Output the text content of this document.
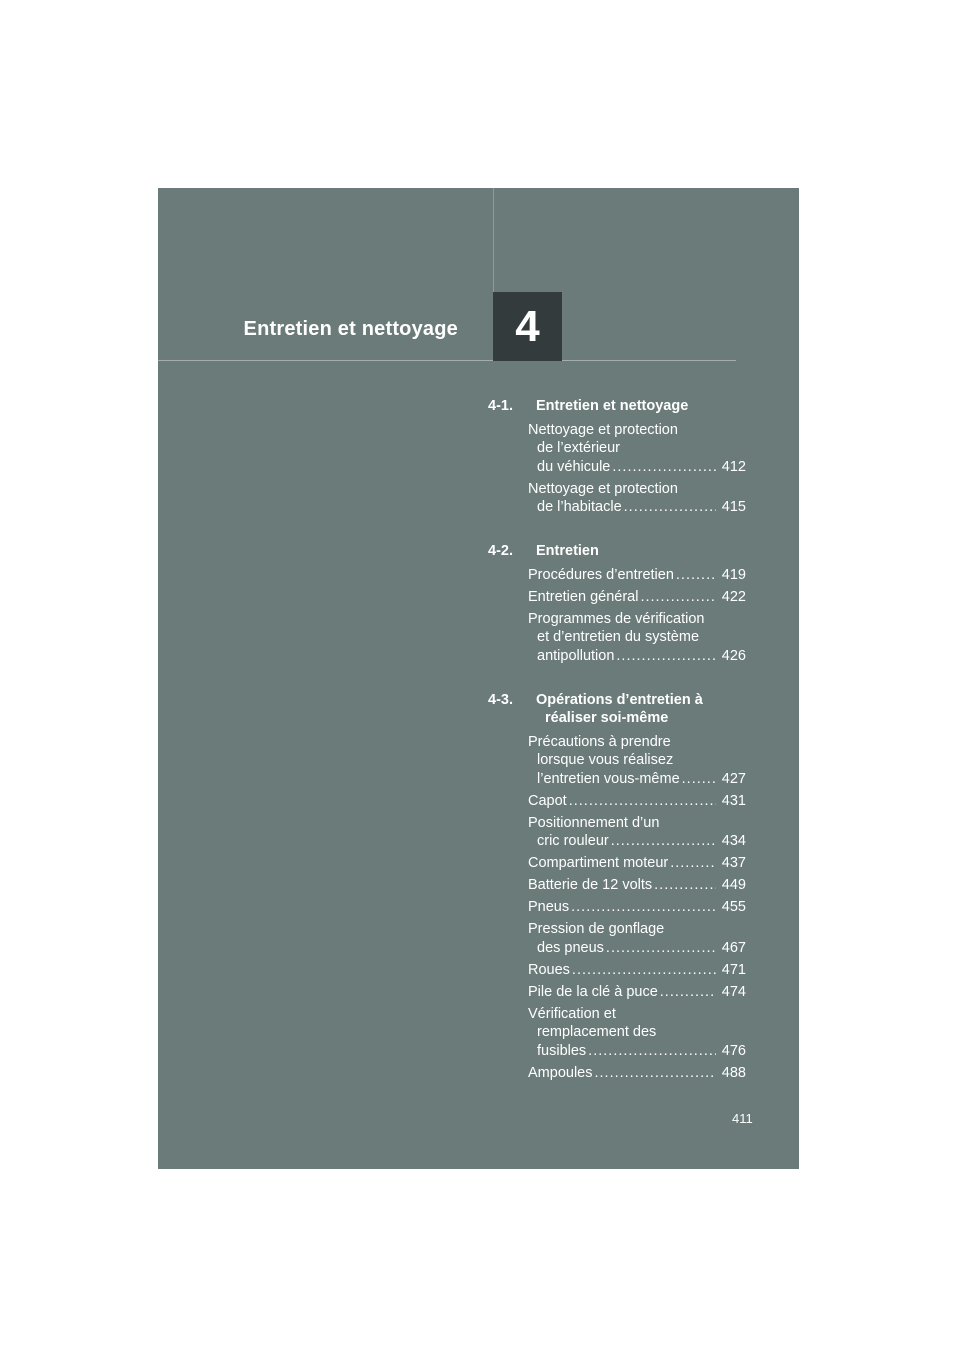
Entretien et nettoyage	4
4-1. Entretien et nettoyage
Nettoyage et protection
de l’extérieur
du véhicule .....	412
Nettoyage et protection
de l’habitacle .....	415
4-2. Entretien
Procédures d’entretien .....	419
Entretien général .....	422
Programmes de vérification
et d’entretien du système
antipollution .....	426
4-3. Opérations d’entretien à
réaliser soi-même
Précautions à prendre
lorsque vous réalisez
l’entretien vous-même .....	427
Capot .....	431
Positionnement d’un
cric rouleur .....	434
Compartiment moteur .....	437
Batterie de 12 volts .....	449
Pneus .....	455
Pression de gonflage
des pneus .....	467
Roues .....	471
Pile de la clé à puce .....	474
Vérification et
remplacement des
fusibles .....	476
Ampoules .....	488
411
